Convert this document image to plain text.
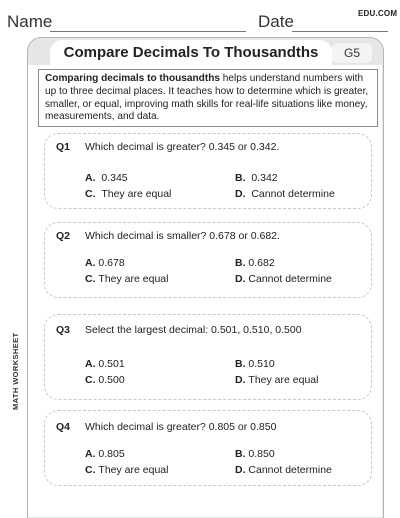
Name	Date	EDU.COM
Compare Decimals To Thousandths	G5
Comparing decimals to thousandths helps understand numbers with up to three decimal places. It teaches how to determine which is greater, smaller, or equal, improving math skills for real-life situations like money, measurements, and data.
Q1 Which decimal is greater? 0.345 or 0.342.
A. 0.345	B. 0.342
C. They are equal	D. Cannot determine
Q2 Which decimal is smaller? 0.678 or 0.682.
A. 0.678	B. 0.682
C. They are equal	D. Cannot determine
Q3 Select the largest decimal: 0.501, 0.510, 0.500
A. 0.501	B. 0.510
C. 0.500	D. They are equal
Q4 Which decimal is greater? 0.805 or 0.850
A. 0.805	B. 0.850
C. They are equal	D. Cannot determine
MATH WORKSHEET
